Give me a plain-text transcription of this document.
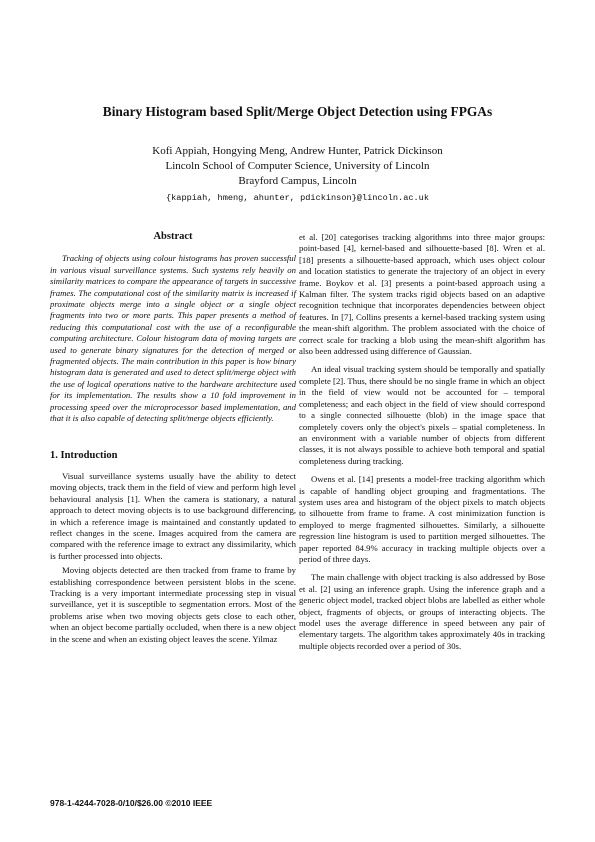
Binary Histogram based Split/Merge Object Detection using FPGAs
Kofi Appiah, Hongying Meng, Andrew Hunter, Patrick Dickinson
Lincoln School of Computer Science, University of Lincoln
Brayford Campus, Lincoln
{kappiah, hmeng, ahunter, pdickinson}@lincoln.ac.uk
Abstract

Tracking of objects using colour histograms has proven successful in various visual surveillance systems. Such systems rely heavily on similarity matrices to compare the appearance of targets in successive frames. The computational cost of the similarity matrix is increased if proximate objects merge into a single object or a single object fragments into two or more parts. This paper presents a method of reducing this computational cost with the use of a reconfigurable computing architecture. Colour histogram data of moving targets are used to generate binary signatures for the detection of merged or fragmented objects. The main contribution in this paper is how binary histogram data is generated and used to detect split/merge object with the use of logical operations native to the hardware architecture used for its implementation. The results show a 10 fold improvement in processing speed over the microprocessor based implementation, and that it is also capable of detecting split/merge objects efficiently.

1. Introduction

Visual surveillance systems usually have the ability to detect moving objects, track them in the field of view and perform high level behavioural analysis [1]. When the camera is stationary, a natural approach to detect moving objects is to use background differencing, in which a reference image is maintained and constantly updated to reflect changes in the scene. Images acquired from the camera are compared with the reference image to extract any dissimilarity, which is further processed into objects.

Moving objects detected are then tracked from frame to frame by establishing correspondence between persistent blobs in the scene. Tracking is a very important intermediate processing step in visual surveillance, yet it is susceptible to segmentation errors. Most of the problems arise when two moving objects gets close to each other, when an object become partially occluded, when there is a new object in the scene and when an existing object leaves the scene. Yilmaz

et al. [20] categorises tracking algorithms into three major groups: point-based [4], kernel-based and silhouette-based [8]. Wren et al. [18] presents a silhouette-based approach, which uses object colour and location statistics to generate the trajectory of an object in every frame. Boykov et al. [3] presents a point-based approach using a Kalman filter. The system tracks rigid objects based on an adaptive recognition technique that incorporates dependencies between object features. In [7], Collins presents a kernel-based tracking system using the mean-shift algorithm. The problem associated with the choice of correct scale for tracking a blob using the mean-shift algorithm has also been addressed using difference of Gaussian.

An ideal visual tracking system should be temporally and spatially complete [2]. Thus, there should be no single frame in which an object in the field of view would not be accounted for – temporal completeness; and each object in the field of view should correspond to a single connected silhouette (blob) in the image space that completely covers only the object's pixels – spatial completeness. In an environment with a variable number of objects from different classes, it is not always possible to achieve both temporal and spatial completeness during tracking.

Owens et al. [14] presents a model-free tracking algorithm which is capable of handling object grouping and fragmentations. The system uses area and histogram of the object pixels to match objects to silhouette from frame to frame. A cost minimization function is employed to merge fragmented silhouettes. Similarly, a silhouette regression line histogram is used to partition merged silhouettes. The paper reported 84.9% accuracy in tracking multiple objects over a period of three days.

The main challenge with object tracking is also addressed by Bose et al. [2] using an inference graph. Using the inference graph and a generic object model, tracked object blobs are labelled as either whole object, fragments of objects, or groups of interacting objects. The model uses the average difference in speed between any pair of elementary targets. The algorithm takes approximately 40s in tracking multiple objects recorded over a period of 30s.

978-1-4244-7028-0/10/$26.00 ©2010 IEEE
